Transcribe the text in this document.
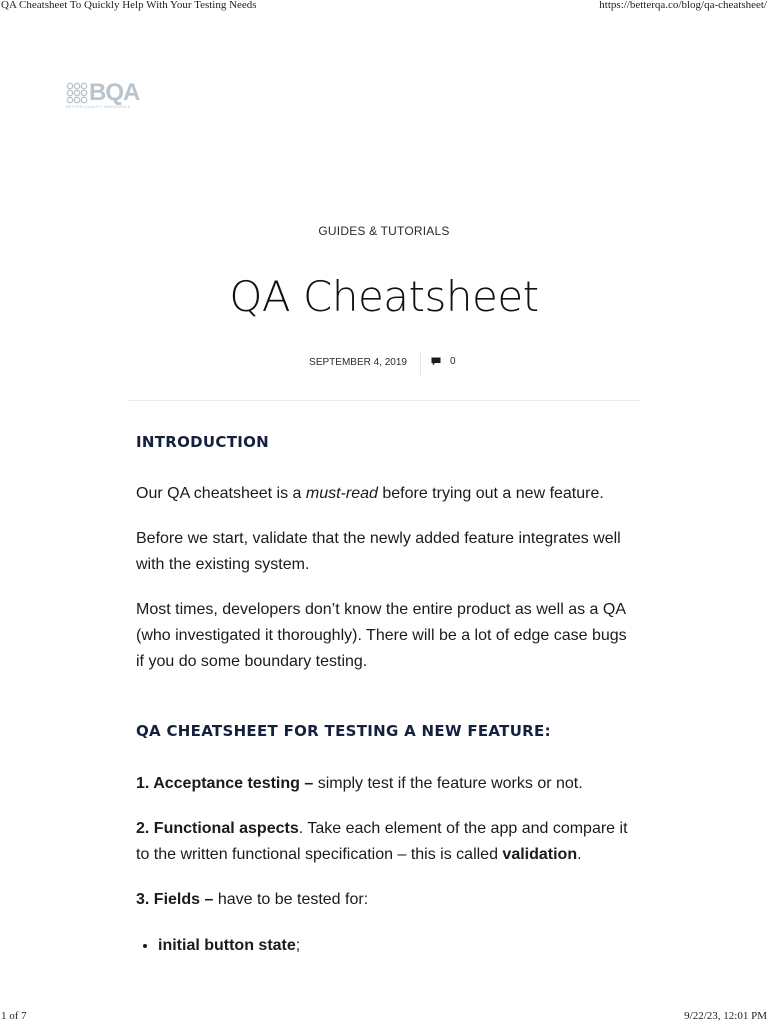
QA Cheatsheet To Quickly Help With Your Testing Needs	https://betterqa.co/blog/qa-cheatsheet/
BQA
BETTER QUALITY ASSURANCE
GUIDES & TUTORIALS
QA Cheatsheet
SEPTEMBER 4, 2019	0
INTRODUCTION

Our QA cheatsheet is a must-read before trying out a new feature.

Before we start, validate that the newly added feature integrates well with the existing system.

Most times, developers don’t know the entire product as well as a QA (who investigated it thoroughly). There will be a lot of edge case bugs if you do some boundary testing.

QA CHEATSHEET FOR TESTING A NEW FEATURE:

1. Acceptance testing – simply test if the feature works or not.

2. Functional aspects. Take each element of the app and compare it to the written functional specification – this is called validation.

3. Fields – have to be tested for:

• initial button state;
1 of 7	9/22/23, 12:01 PM
